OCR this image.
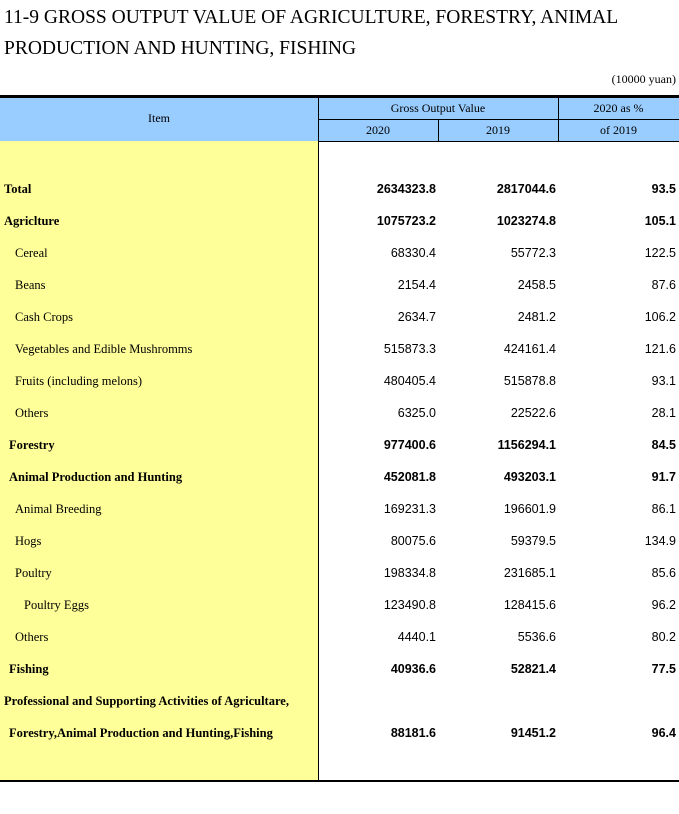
11-9 GROSS OUTPUT VALUE OF AGRICULTURE, FORESTRY, ANIMAL
PRODUCTION AND HUNTING, FISHING
(10000 yuan)
Item
Gross Output Value
2020	2019
2020 as %
of 2019
Total	2634323.8	2817044.6	93.5
Agriclture	1075723.2	1023274.8	105.1
Cereal	68330.4	55772.3	122.5
Beans	2154.4	2458.5	87.6
Cash Crops	2634.7	2481.2	106.2
Vegetables and Edible Mushromms	515873.3	424161.4	121.6
Fruits (including melons)	480405.4	515878.8	93.1
Others	6325.0	22522.6	28.1
Forestry	977400.6	1156294.1	84.5
Animal Production and Hunting	452081.8	493203.1	91.7
Animal Breeding	169231.3	196601.9	86.1
Hogs	80075.6	59379.5	134.9
Poultry	198334.8	231685.1	85.6
Poultry Eggs	123490.8	128415.6	96.2
Others	4440.1	5536.6	80.2
Fishing	40936.6	52821.4	77.5
Professional and Supporting Activities of Agricultare,
Forestry,Animal Production and Hunting,Fishing	88181.6	91451.2	96.4
